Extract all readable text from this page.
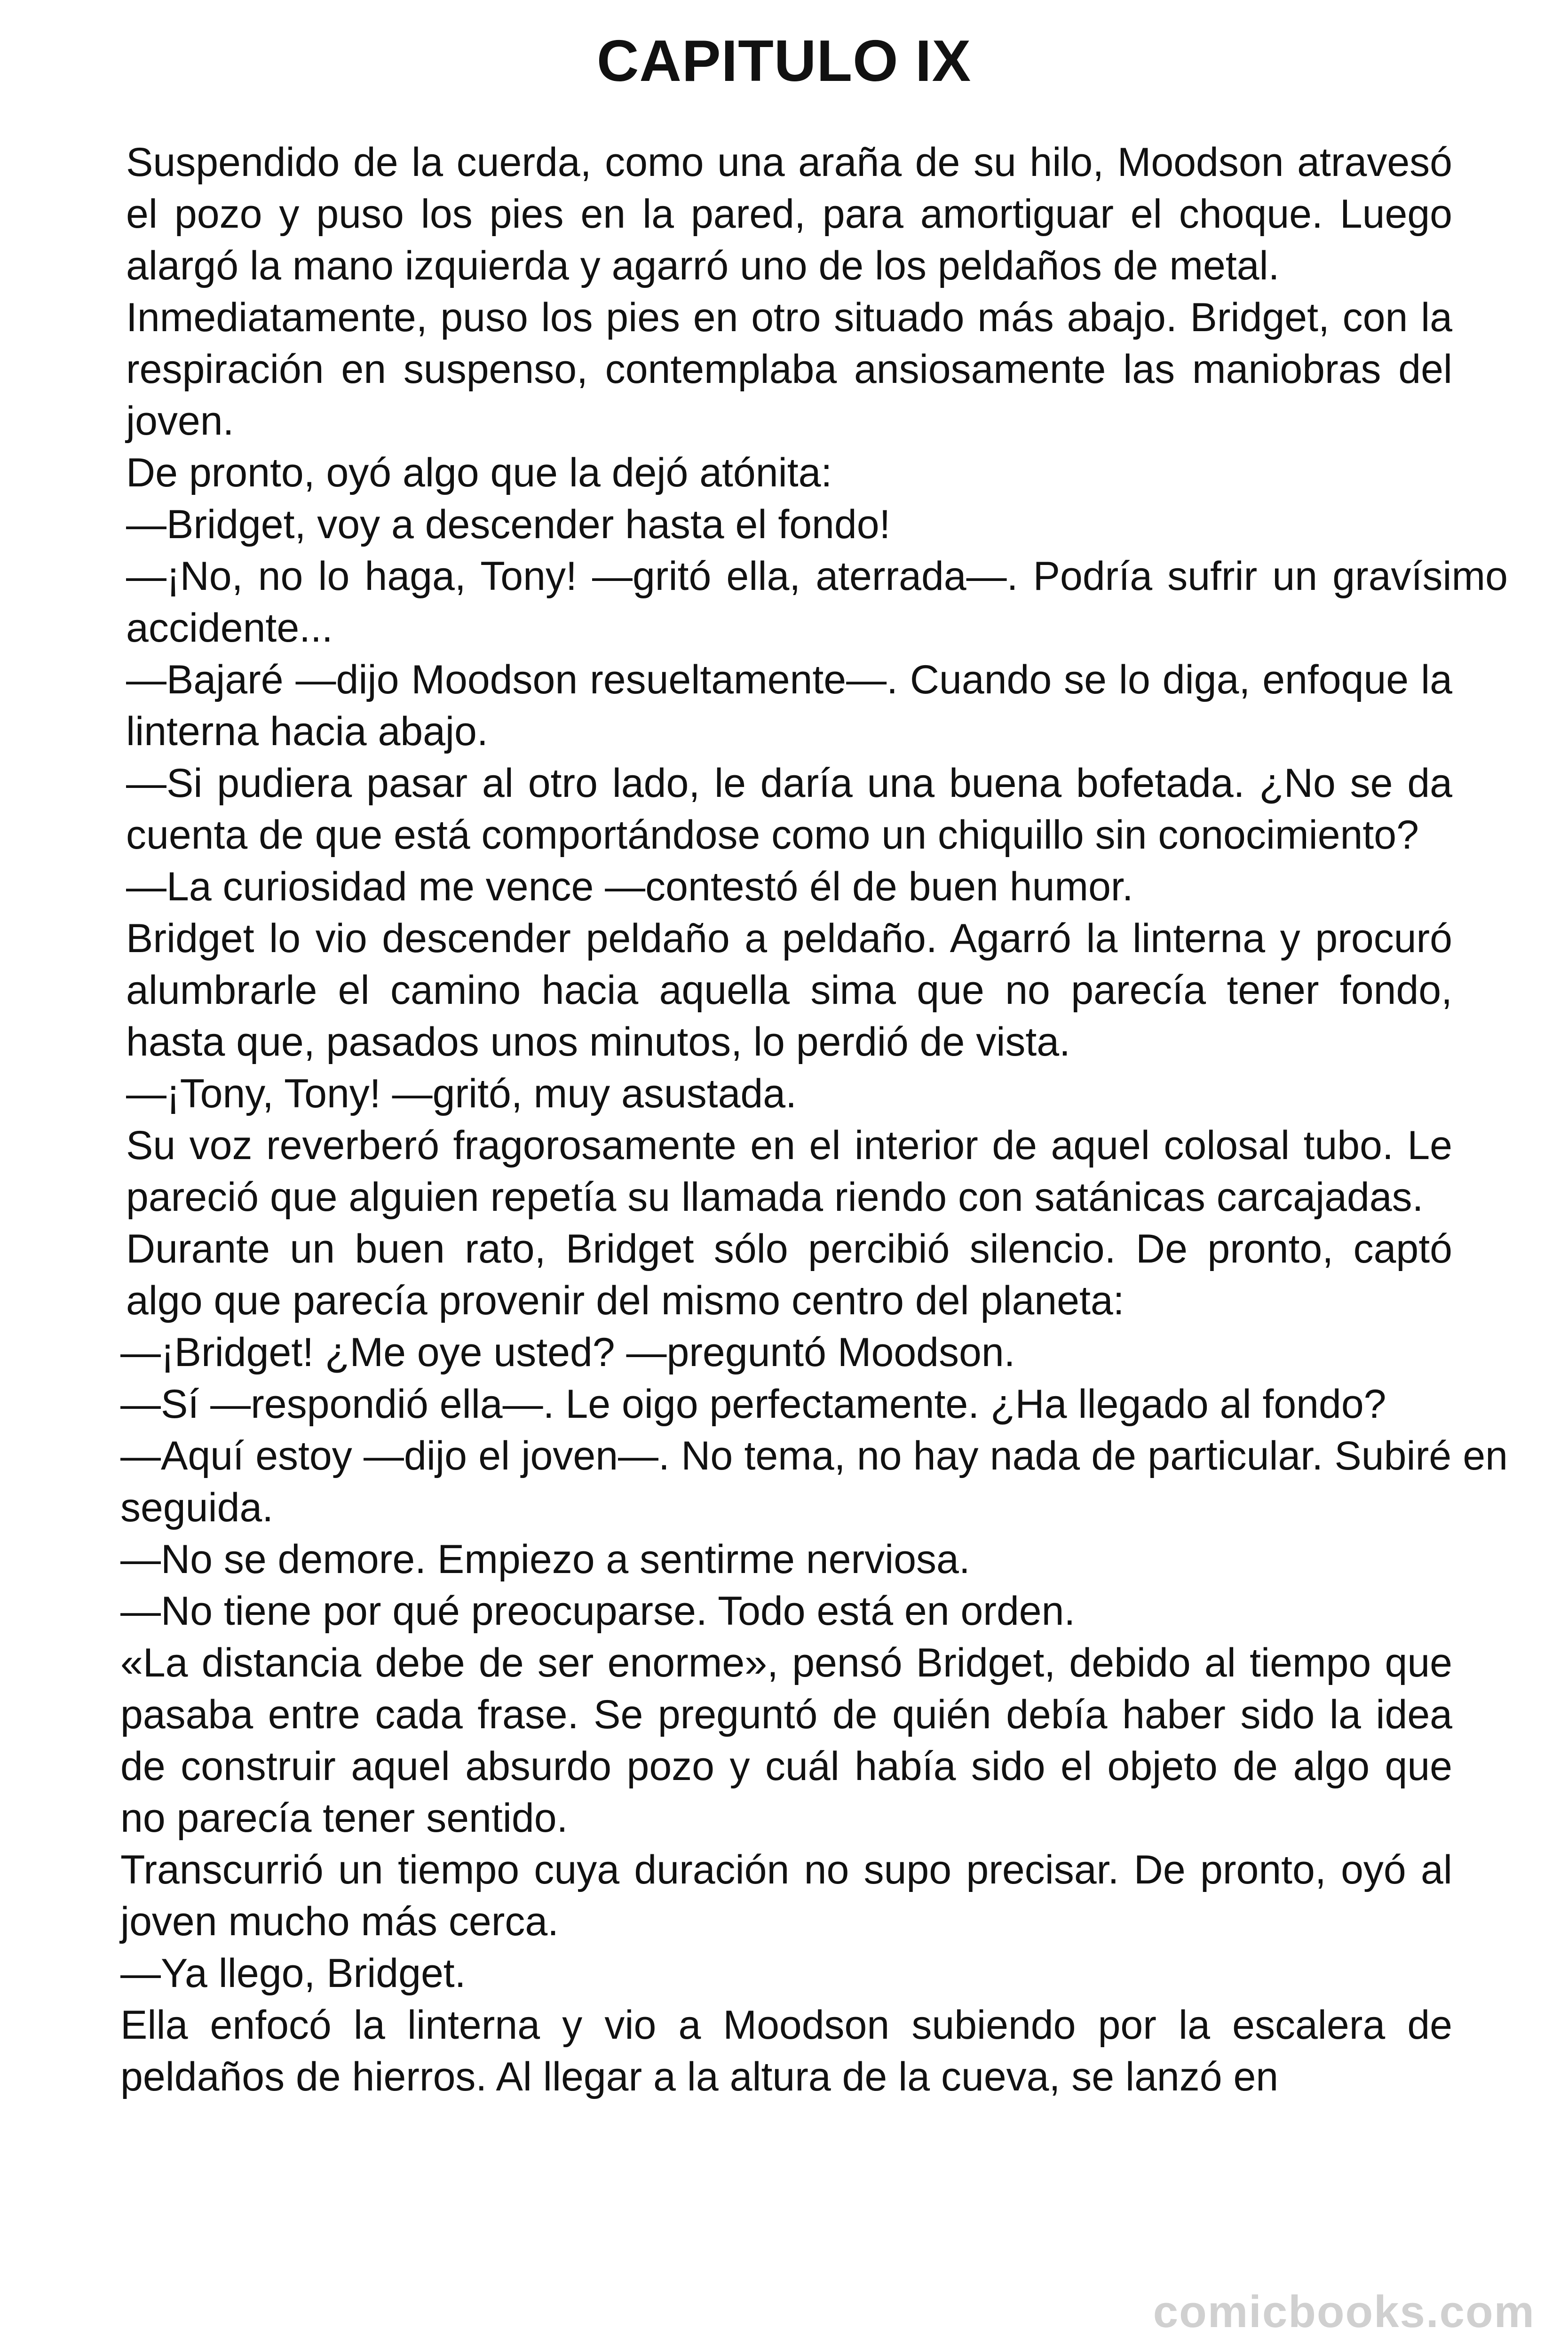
CAPITULO IX

Suspendido de la cuerda, como una araña de su hilo, Moodson atravesó el pozo y puso los pies en la pared, para amortiguar el choque. Luego alargó la mano izquierda y agarró uno de los peldaños de metal.

Inmediatamente, puso los pies en otro situado más abajo. Bridget, con la respiración en suspenso, contemplaba ansiosamente las maniobras del joven.

De pronto, oyó algo que la dejó atónita:

—Bridget, voy a descender hasta el fondo!

—¡No, no lo haga, Tony! —gritó ella, aterrada—. Podría sufrir un gravísimo accidente...

—Bajaré —dijo Moodson resueltamente—. Cuando se lo diga, enfoque la linterna hacia abajo.

—Si pudiera pasar al otro lado, le daría una buena bofetada. ¿No se da cuenta de que está comportándose como un chiquillo sin conocimiento?

—La curiosidad me vence —contestó él de buen humor.

Bridget lo vio descender peldaño a peldaño. Agarró la linterna y procuró alumbrarle el camino hacia aquella sima que no parecía tener fondo, hasta que, pasados unos minutos, lo perdió de vista.

—¡Tony, Tony! —gritó, muy asustada.

Su voz reverberó fragorosamente en el interior de aquel colosal tubo. Le pareció que alguien repetía su llamada riendo con satánicas carcajadas.

Durante un buen rato, Bridget sólo percibió silencio. De pronto, captó algo que parecía provenir del mismo centro del planeta:

—¡Bridget! ¿Me oye usted? —preguntó Moodson.

—Sí —respondió ella—. Le oigo perfectamente. ¿Ha llegado al fondo?

—Aquí estoy —dijo el joven—. No tema, no hay nada de particular. Subiré en seguida.

—No se demore. Empiezo a sentirme nerviosa.

—No tiene por qué preocuparse. Todo está en orden.

«La distancia debe de ser enorme», pensó Bridget, debido al tiempo que pasaba entre cada frase. Se preguntó de quién debía haber sido la idea de construir aquel absurdo pozo y cuál había sido el objeto de algo que no parecía tener sentido.

Transcurrió un tiempo cuya duración no supo precisar. De pronto, oyó al joven mucho más cerca.

—Ya llego, Bridget.

Ella enfocó la linterna y vio a Moodson subiendo por la escalera de peldaños de hierros. Al llegar a la altura de la cueva, se lanzó en

comicbooks.com
